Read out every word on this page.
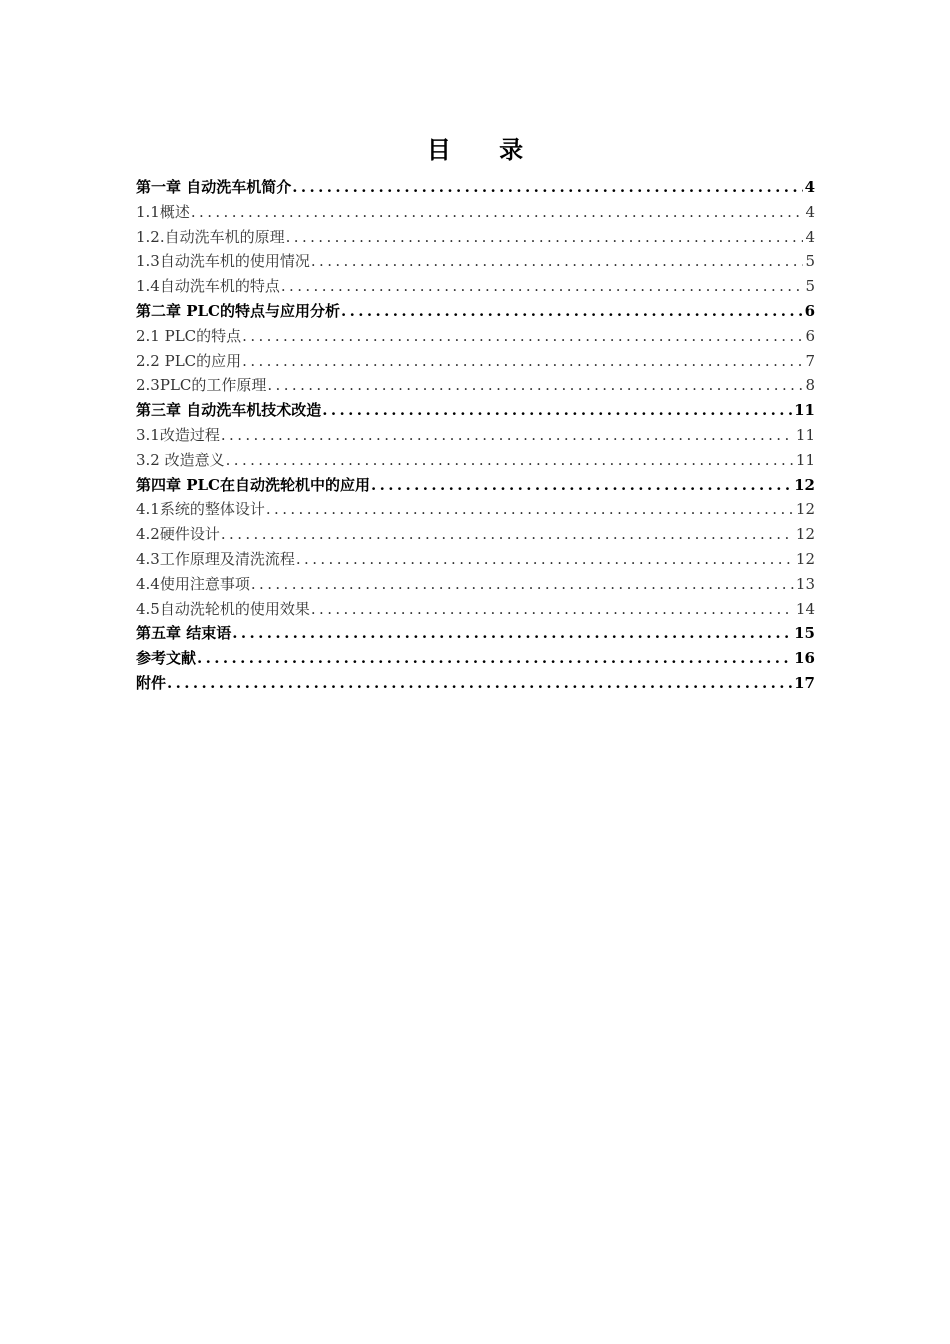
目 录
第一章 自动洗车机简介 .....	4
1.1概述 .....	4
1.2.自动洗车机的原理 .....	4
1.3自动洗车机的使用情况 .....	5
1.4自动洗车机的特点 .....	5
第二章 PLC的特点与应用分析 .....	6
2.1 PLC的特点 .....	6
2.2 PLC的应用 .....	7
2.3PLC的工作原理 .....	8
第三章 自动洗车机技术改造 .....	11
3.1改造过程 .....	11
3.2 改造意义 .....	11
第四章 PLC在自动洗轮机中的应用 .....	12
4.1系统的整体设计 .....	12
4.2硬件设计 .....	12
4.3工作原理及清洗流程 .....	12
4.4使用注意事项 .....	13
4.5自动洗轮机的使用效果 .....	14
第五章 结束语 .....	15
参考文献 .....	16
附件 .....	17
